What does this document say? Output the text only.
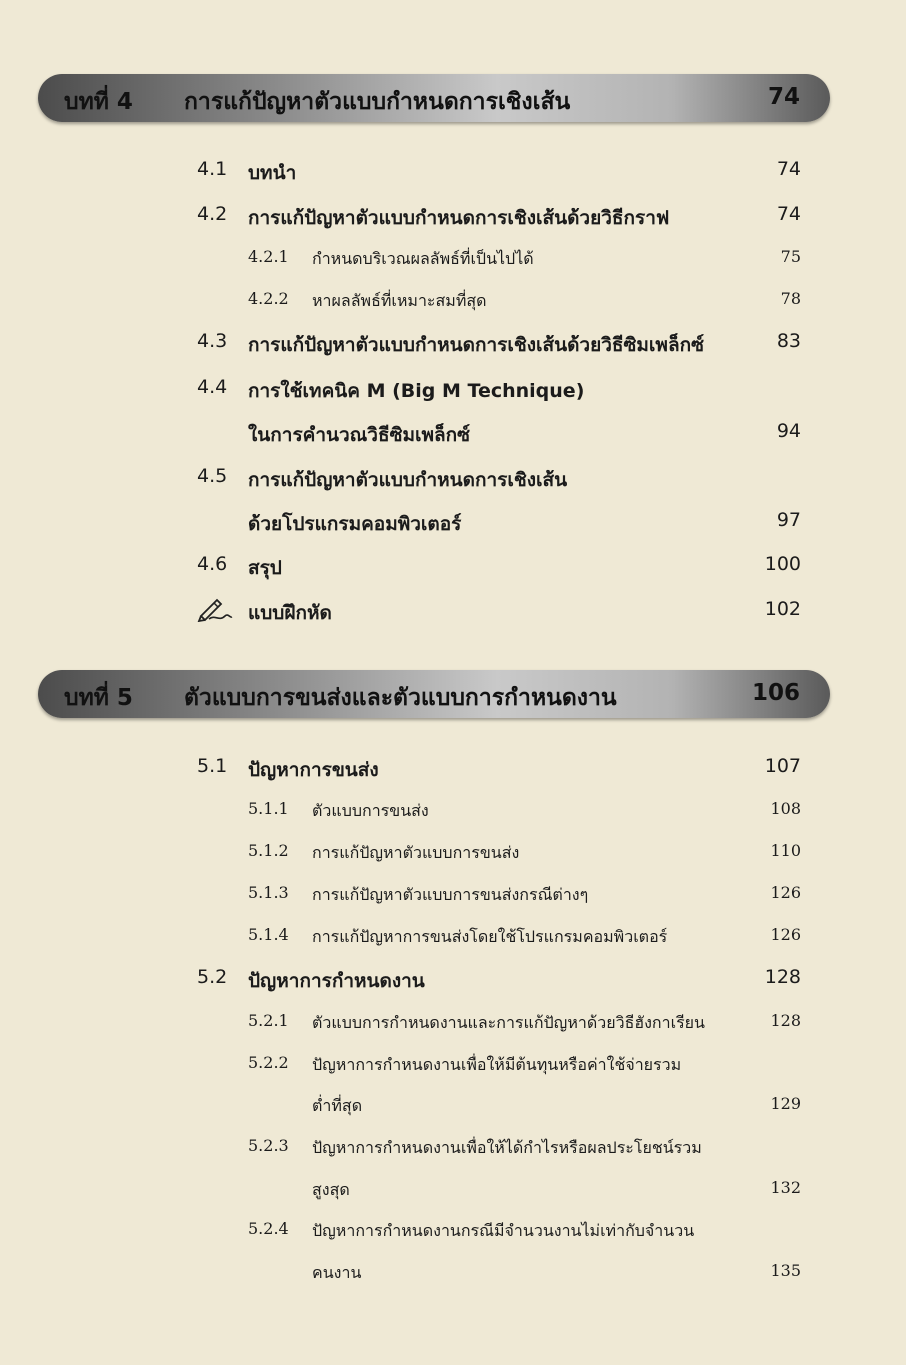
บทที่ 4 การแก้ปัญหาตัวแบบกำหนดการเชิงเส้น	74
4.1 บทนำ	74
4.2 การแก้ปัญหาตัวแบบกำหนดการเชิงเส้นด้วยวิธีกราฟ	74
4.2.1 กำหนดบริเวณผลลัพธ์ที่เป็นไปได้	75
4.2.2 หาผลลัพธ์ที่เหมาะสมที่สุด	78
4.3 การแก้ปัญหาตัวแบบกำหนดการเชิงเส้นด้วยวิธีซิมเพล็กซ์	83
4.4 การใช้เทคนิค M (Big M Technique)
ในการคำนวณวิธีซิมเพล็กซ์	94
4.5 การแก้ปัญหาตัวแบบกำหนดการเชิงเส้น
ด้วยโปรแกรมคอมพิวเตอร์	97
4.6 สรุป	100
แบบฝึกหัด	102
บทที่ 5 ตัวแบบการขนส่งและตัวแบบการกำหนดงาน	106
5.1 ปัญหาการขนส่ง	107
5.1.1 ตัวแบบการขนส่ง	108
5.1.2 การแก้ปัญหาตัวแบบการขนส่ง	110
5.1.3 การแก้ปัญหาตัวแบบการขนส่งกรณีต่างๆ	126
5.1.4 การแก้ปัญหาการขนส่งโดยใช้โปรแกรมคอมพิวเตอร์	126
5.2 ปัญหาการกำหนดงาน	128
5.2.1 ตัวแบบการกำหนดงานและการแก้ปัญหาด้วยวิธีฮังกาเรียน	128
5.2.2 ปัญหาการกำหนดงานเพื่อให้มีต้นทุนหรือค่าใช้จ่ายรวม
ต่ำที่สุด	129
5.2.3 ปัญหาการกำหนดงานเพื่อให้ได้กำไรหรือผลประโยชน์รวม
สูงสุด	132
5.2.4 ปัญหาการกำหนดงานกรณีมีจำนวนงานไม่เท่ากับจำนวน
คนงาน	135
